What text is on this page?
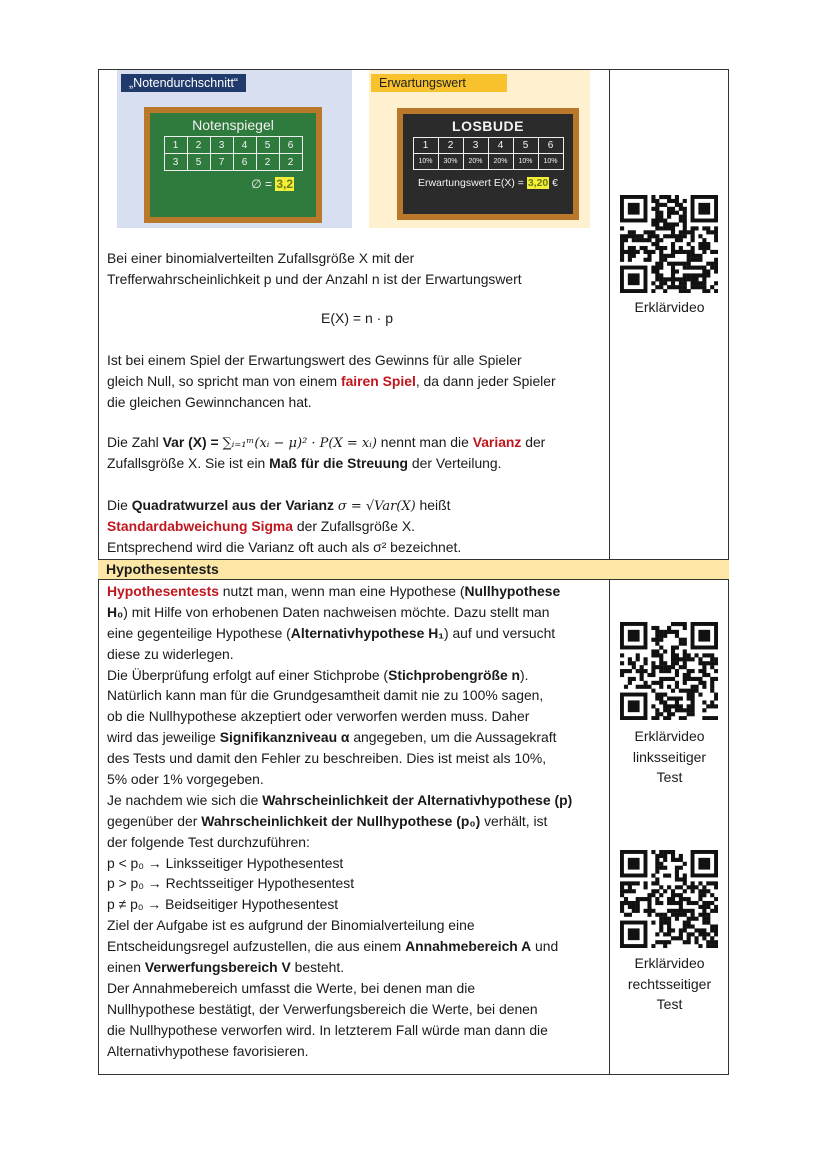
„Notendurchschnitt“
Notenspiegel
1	2	3	4	5	6
3	5	7	6	2	2
∅ = 3,2
Erwartungswert
LOSBUDE
1	2	3	4	5	6
10%	30%	20%	20%	10%	10%
Erwartungswert E(X) = 3,20 €
Bei einer binomialverteilten Zufallsgröße X mit der
Trefferwahrscheinlichkeit p und der Anzahl n ist der Erwartungswert
E(X) = n · p
Ist bei einem Spiel der Erwartungswert des Gewinns für alle Spieler
gleich Null, so spricht man von einem fairen Spiel, da dann jeder Spieler
die gleichen Gewinnchancen hat.
Die Zahl Var (X) = ∑ᵢ₌₁ᵐ(xᵢ − μ)² · P(X = xᵢ) nennt man die Varianz der
Zufallsgröße X. Sie ist ein Maß für die Streuung der Verteilung.
Die Quadratwurzel aus der Varianz σ = √Var(X) heißt
Standardabweichung Sigma der Zufallsgröße X.
Entsprechend wird die Varianz oft auch als σ² bezeichnet.
Hypothesentests
Hypothesentests nutzt man, wenn man eine Hypothese (Nullhypothese
H₀) mit Hilfe von erhobenen Daten nachweisen möchte. Dazu stellt man
eine gegenteilige Hypothese (Alternativhypothese H₁) auf und versucht
diese zu widerlegen.
Die Überprüfung erfolgt auf einer Stichprobe (Stichprobengröße n).
Natürlich kann man für die Grundgesamtheit damit nie zu 100% sagen,
ob die Nullhypothese akzeptiert oder verworfen werden muss. Daher
wird das jeweilige Signifikanzniveau α angegeben, um die Aussagekraft
des Tests und damit den Fehler zu beschreiben. Dies ist meist als 10%,
5% oder 1% vorgegeben.
Je nachdem wie sich die Wahrscheinlichkeit der Alternativhypothese (p)
gegenüber der Wahrscheinlichkeit der Nullhypothese (p₀) verhält, ist
der folgende Test durchzuführen:
p < p₀ → Linksseitiger Hypothesentest
p > p₀ → Rechtsseitiger Hypothesentest
p ≠ p₀ → Beidseitiger Hypothesentest
Ziel der Aufgabe ist es aufgrund der Binomialverteilung eine
Entscheidungsregel aufzustellen, die aus einem Annahmebereich A und
einen Verwerfungsbereich V besteht.
Der Annahmebereich umfasst die Werte, bei denen man die
Nullhypothese bestätigt, der Verwerfungsbereich die Werte, bei denen
die Nullhypothese verworfen wird. In letzterem Fall würde man dann die
Alternativhypothese favorisieren.
Erklärvideo
Erklärvideo
linksseitiger
Test
Erklärvideo
rechtsseitiger
Test
